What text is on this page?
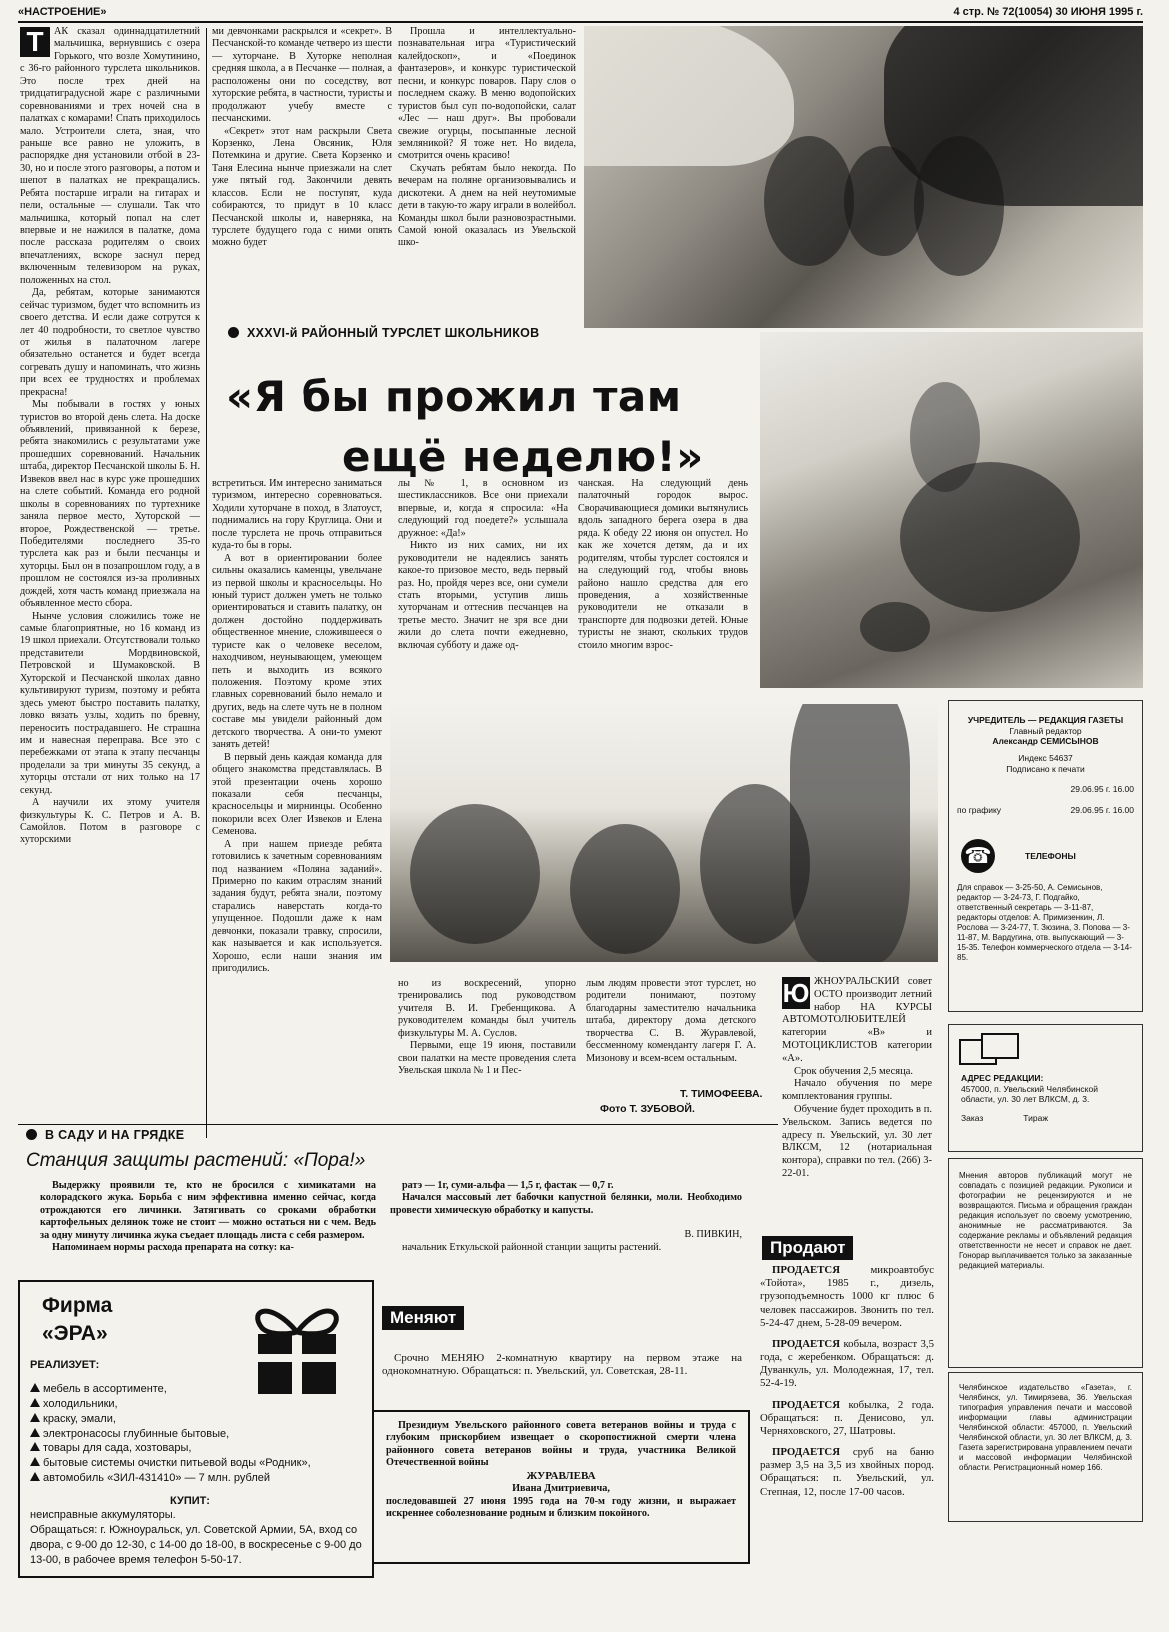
«НАСТРОЕНИЕ»	4 стр. № 72(10054) 30 ИЮНЯ 1995 г.
Т	АК сказал одиннадцатилетний мальчишка, вернувшись с озера Горького, что возле Хомутинино, с 36-го районного турслета школьников. Это после трех дней на тридцатиградусной жаре с различными соревнованиями и трех ночей сна в палатках с комарами! Спать приходилось мало. Устроители слета, зная, что раньше все равно не уложить, в распорядке дня установили отбой в 23-30, но и после этого разговоры, а потом и шепот в палатках не прекращались. Ребята постарше играли на гитарах и пели, остальные — слушали. Так что мальчишка, который попал на слет впервые и не нажился в палатке, дома после рассказа родителям о своих впечатлениях, вскоре заснул перед включенным телевизором на руках, положенных на стол.

Да, ребятам, которые занимаются сейчас туризмом, будет что вспомнить из своего детства. И если даже сотрутся к лет 40 подробности, то светлое чувство от жилья в палаточном лагере обязательно останется и будет всегда согревать душу и напоминать, что жизнь при всех ее трудностях и проблемах прекрасна!

Мы побывали в гостях у юных туристов во второй день слета. На доске объявлений, привязанной к березе, ребята знакомились с результатами уже прошедших соревнований. Начальник штаба, директор Песчанской школы Б. Н. Извеков ввел нас в курс уже прошедших на слете событий. Команда его родной школы в соревнованиях по туртехнике заняла первое место, Хуторской — второе, Рождественской — третье. Победителями последнего 35-го турслета как раз и были песчанцы и хуторцы. Был он в позапрошлом году, а в прошлом не состоялся из-за проливных дождей, хотя часть команд приезжала на объявленное место сбора.

Нынче условия сложились тоже не самые благоприятные, но 16 команд из 19 школ приехали. Отсутствовали только представители Мордвиновской, Петровской и Шумаковской. В Хуторской и Песчанской школах давно культивируют туризм, поэтому и ребята здесь умеют быстро поставить палатку, ловко вязать узлы, ходить по бревну, переносить пострадавшего. Не страшна им и навесная переправа. Все это с перебежками от этапа к этапу песчанцы проделали за три минуты 35 секунд, а хуторцы отстали от них только на 17 секунд.

А научили их этому учителя физкультуры К. С. Петров и А. В. Самойлов. Потом в разговоре с хуторскими

ми девчонками раскрылся и «секрет». В Песчанской-то команде четверо из шести — хуторчане. В Хуторке неполная средняя школа, а в Песчанке — полная, а расположены они по соседству, вот хуторские ребята, в частности, туристы и продолжают учебу вместе с песчанскими.

«Секрет» этот нам раскрыли Света Корзенко, Лена Овсяник, Юля Потемкина и другие. Света Корзенко и Таня Елесина нынче приезжали на слет уже пятый год. Закончили девять классов. Если не поступят, куда собираются, то придут в 10 класс Песчанской школы и, наверняка, на турслете будущего года с ними опять можно будет

Прошла и интеллектуально-познавательная игра «Туристический калейдоскоп», и «Поединок фантазеров», и конкурс туристической песни, и конкурс поваров. Пару слов о последнем скажу. В меню водопойских туристов был суп по-водопойски, салат «Лес — наш друг». Вы пробовали свежие огурцы, посыпанные лесной земляникой? Я тоже нет. Но видела, смотрится очень красиво!

Скучать ребятам было некогда. По вечерам на поляне организовывались и дискотеки. А днем на ней неутомимые дети в такую-то жару играли в волейбол. Команды школ были разновозрастными. Самой юной оказалась из Увельской шко-

XXXVI-й РАЙОННЫЙ ТУРСЛЕТ ШКОЛЬНИКОВ
«Я бы прожил там
ещё неделю!»

встретиться. Им интересно заниматься туризмом, интересно соревноваться. Ходили хуторчане в поход, в Златоуст, поднимались на гору Круглица. Они и после турслета не прочь отправиться куда-то бы в горы.

А вот в ориентировании более сильны оказались каменцы, увельчане из первой школы и красносельцы. Но юный турист должен уметь не только ориентироваться и ставить палатку, он должен достойно поддерживать общественное мнение, сложившееся о туристе как о человеке веселом, находчивом, неунывающем, умеющем петь и выходить из всякого положения. Поэтому кроме этих главных соревнований было немало и других, ведь на слете чуть не в полном составе мы увидели районный дом детского творчества. А они-то умеют занять детей!

В первый день каждая команда для общего знакомства представлялась. В этой презентации очень хорошо показали себя песчанцы, красносельцы и мирнинцы. Особенно покорили всех Олег Извеков и Елена Семенова.

А при нашем приезде ребята готовились к зачетным соревнованиям под названием «Поляна заданий». Примерно по каким отраслям знаний задания будут, ребята знали, поэтому старались наверстать когда-то упущенное. Подошли даже к нам девчонки, показали травку, спросили, как называется и как используется. Хорошо, если наши знания им пригодились.

лы № 1, в основном из шестиклассников. Все они приехали впервые, и, когда я спросила: «На следующий год поедете?» услышала дружное: «Да!»

Никто из них самих, ни их руководители не надеялись занять какое-то призовое место, ведь первый раз. Но, пройдя через все, они сумели стать вторыми, уступив лишь хуторчанам и оттеснив песчанцев на третье место. Значит не зря все дни жили до слета почти ежедневно, включая субботу и даже од-

чанская. На следующий день палаточный городок вырос. Сворачивающиеся домики вытянулись вдоль западного берега озера в два ряда. К обеду 22 июня он опустел. Но как же хочется детям, да и их родителям, чтобы турслет состоялся и на следующий год, чтобы вновь районо нашло средства для его проведения, а хозяйственные руководители не отказали в транспорте для подвозки детей. Юные туристы не знают, скольких трудов стоило многим взрос-

но из воскресений, упорно тренировались под руководством учителя В. И. Гребенщикова. А руководителем команды был учитель физкультуры М. А. Суслов.

Первыми, еще 19 июня, поставили свои палатки на месте проведения слета Увельская школа № 1 и Пес-

лым людям провести этот турслет, но родители понимают, поэтому благодарны заместителю начальника штаба, директору дома детского творчества С. В. Журавлевой, бессменному коменданту лагеря Г. А. Мизонову и всем-всем остальным.

Т. ТИМОФЕЕВА.
Фото Т. ЗУБОВОЙ.
УЧРЕДИТЕЛЬ — РЕДАКЦИЯ ГАЗЕТЫ
Главный редактор
Александр СЕМИСЫНОВ
Индекс 54637
Подписано к печати
29.06.95 г. 16.00
по графику	29.06.95 г. 16.00
☎	ТЕЛЕФОНЫ
Для справок — 3-25-50, А. Семисынов, редактор — 3-24-73, Г. Подгайко, ответственный секретарь — 3-11-87, редакторы отделов: А. Примизенкин, Л. Рослова — 3-24-77, Т. Зюзина, З. Попова — 3-11-87, М. Вардугина, отв. выпускающий — 3-15-35. Телефон коммерческого отдела — 3-14-85.
Ю ЖНОУРАЛЬСКИЙ совет ОСТО производит летний набор НА КУРСЫ АВТОМОТОЛЮБИТЕЛЕЙ категории «В» и МОТОЦИКЛИСТОВ категории «А».

Срок обучения 2,5 месяца.

Начало обучения по мере комплектования группы.

Обучение будет проходить в п. Увельском. Запись ведется по адресу п. Увельский, ул. 30 лет ВЛКСМ, 12 (нотариальная контора), справки по тел. (266) 3-22-01.

АДРЕС РЕДАКЦИИ:
457000, п. Увельский Челябинской области, ул. 30 лет ВЛКСМ, д. 3.
Заказ	Тираж
Мнения авторов публикаций могут не совпадать с позицией редакции. Рукописи и фотографии не рецензируются и не возвращаются. Письма и обращения граждан редакция использует по своему усмотрению, анонимные не рассматриваются. За содержание рекламы и объявлений редакция ответственности не несет и справок не дает. Гонорар выплачивается только за заказанные редакцией материалы.
Челябинское издательство «Газета», г. Челябинск, ул. Тимирязева, 36. Увельская типография управления печати и массовой информации главы администрации Челябинской области: 457000, п. Увельский Челябинской области, ул. 30 лет ВЛКСМ, д. 3. Газета зарегистрирована управлением печати и массовой информации Челябинской области. Регистрационный номер 166.
В САДУ И НА ГРЯДКЕ
Станция защиты растений: «Пора!»

Выдержку проявили те, кто не бросился с химикатами на колорадского жука. Борьба с ним эффективна именно сейчас, когда отрождаются его личинки. Затягивать со сроками обработки картофельных делянок тоже не стоит — можно остаться ни с чем. Ведь за одну минуту личинка жука съедает площадь листа с себя размером.

Напоминаем нормы расхода препарата на сотку: ка-

ратэ — 1г, суми-альфа — 1,5 г, фастак — 0,7 г.

Начался массовый лет бабочки капустной белянки, моли. Необходимо провести химическую обработку и капусты.

В. ПИВКИН,

начальник Еткульской районной станции защиты растений.

Фирма
«ЭРА»
РЕАЛИЗУЕТ:
мебель в ассортименте,
холодильники,
краску, эмали,
электронасосы глубинные бытовые,
товары для сада, хозтовары,
бытовые системы очистки питьевой воды «Родник»,
автомобиль «ЗИЛ-431410» — 7 млн. рублей
КУПИТ:
неисправные аккумуляторы.
Обращаться: г. Южноуральск, ул. Советской Армии, 5А, вход со двора, с 9-00 до 12-30, с 14-00 до 18-00, в воскресенье с 9-00 до 13-00, в рабочее время телефон 5-50-17.
Меняют

Срочно МЕНЯЮ 2-комнатную квартиру на первом этаже на однокомнатную. Обращаться: п. Увельский, ул. Советская, 28-11.

Президиум Увельского районного совета ветеранов войны и труда с глубоким прискорбием извещает о скоропостижной смерти члена районного совета ветеранов войны и труда, участника Великой Отечественной войны

ЖУРАВЛЕВА
Ивана Дмитриевича,

последовавшей 27 июня 1995 года на 70-м году жизни, и выражает искреннее соболезнование родным и близким покойного.

Продают

ПРОДАЕТСЯ	микроавтобус «Тойота», 1985 г., дизель, грузоподъемность 1000 кг плюс 6 человек пассажиров. Звонить по тел. 5-24-47 днем, 5-28-09 вечером.

ПРОДАЕТСЯ кобыла, возраст 3,5 года, с жеребенком. Обращаться: д. Дуванкуль, ул. Молодежная, 17, тел. 52-4-19.

ПРОДАЕТСЯ кобылка, 2 года. Обращаться: п. Денисово, ул. Черняховского, 27, Шатровы.

ПРОДАЕТСЯ сруб на баню размер 3,5 на 3,5 из хвойных пород. Обращаться: п. Увельский, ул. Степная, 12, после 17-00 часов.
